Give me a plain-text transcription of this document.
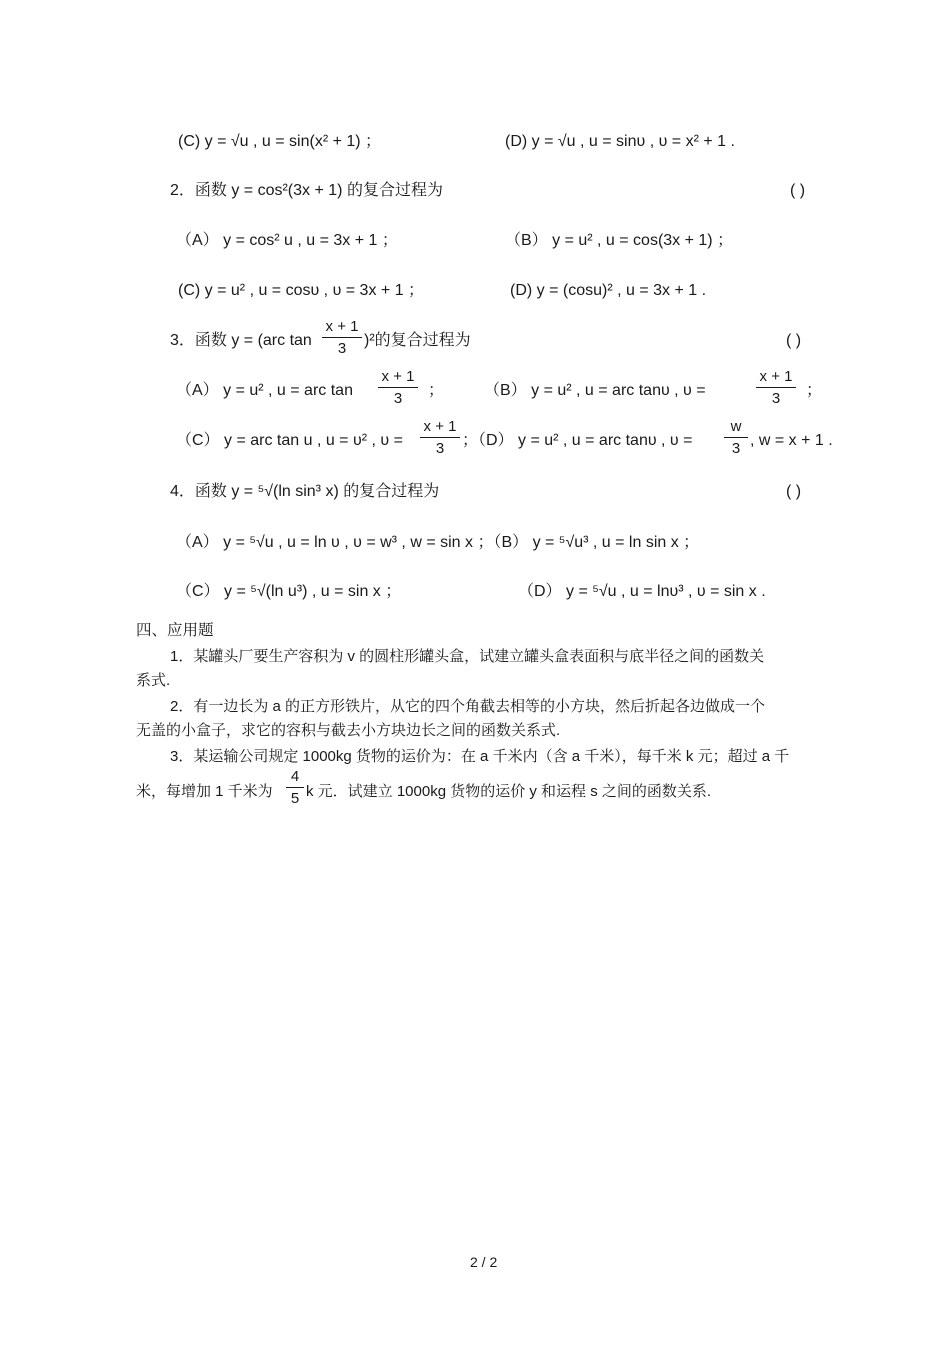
(C) y = √u , u = sin(x² + 1) ；	(D) y = √u , u = sinυ , υ = x² + 1 .
2．函数 y = cos²(3x + 1) 的复合过程为	( )
（A） y = cos² u , u = 3x + 1 ；	（B） y = u² , u = cos(3x + 1) ；
(C) y = u² , u = cosυ , υ = 3x + 1 ；	(D) y = (cosu)² , u = 3x + 1 .
3．函数 y = (arc tan
x + 1
3	)²的复合过程为	( )
（A） y = u² , u = arc tan
x + 1
3	； （B） y = u² , u = arc tanυ , υ =
x + 1
3	；
（C） y = arc tan u , u = υ² , υ =
x + 1
3	；（D） y = u² , u = arc tanυ , υ =
w
3 , w = x + 1 .
4．函数 y = ⁵√(ln sin³ x) 的复合过程为	( )
（A） y = ⁵√u , u = ln υ , υ = w³ , w = sin x ；（B） y = ⁵√u³ , u = ln sin x ；
（C） y = ⁵√(ln u³) , u = sin x ；	（D） y = ⁵√u , u = lnυ³ , υ = sin x .
四、应用题
1．某罐头厂要生产容积为 v 的圆柱形罐头盒，试建立罐头盒表面积与底半径之间的函数关
系式.
2．有一边长为 a 的正方形铁片，从它的四个角截去相等的小方块，然后折起各边做成一个
无盖的小盒子，求它的容积与截去小方块边长之间的函数关系式.
3．某运输公司规定 1000kg 货物的运价为：在 a 千米内（含 a 千米），每千米 k 元；超过 a 千
米，每增加 1 千米为
4
5 k 元．试建立 1000kg 货物的运价 y 和运程 s 之间的函数关系.
2 / 2
